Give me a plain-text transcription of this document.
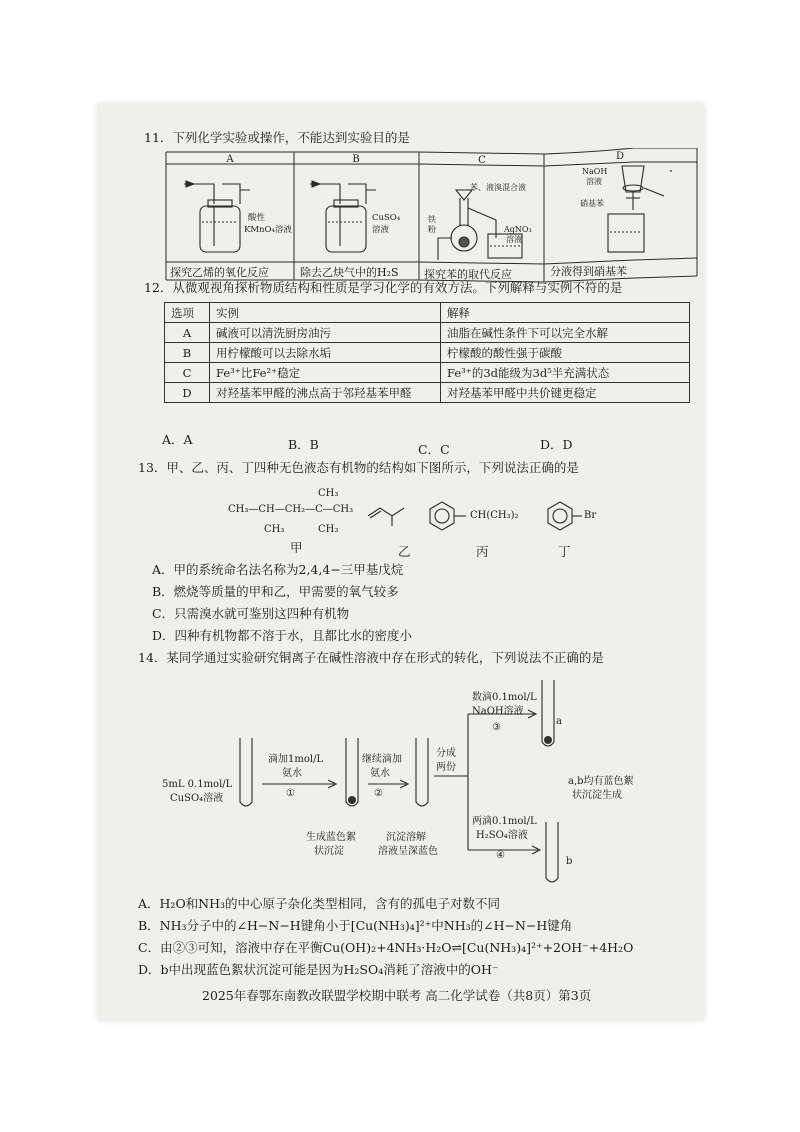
11．下列化学实验或操作，不能达到实验目的是
A	B	C	D
酸性
KMnO₄溶液
CuSO₄
溶液
苯、液溴混合液
铁
粉	AgNO₃
溶液
NaOH
溶液
硝基苯
探究乙烯的氧化反应	除去乙炔气中的H₂S 探究苯的取代反应	分液得到硝基苯
12．从微观视角探析物质结构和性质是学习化学的有效方法。下列解释与实例不符的是
选项	实例	解释
A	碱液可以清洗厨房油污	油脂在碱性条件下可以完全水解
B	用柠檬酸可以去除水垢	柠檬酸的酸性强于碳酸
C	Fe³⁺比Fe²⁺稳定	Fe³⁺的3d能级为3d⁵半充满状态
D	对羟基苯甲醛的沸点高于邻羟基苯甲醛	对羟基苯甲醛中共价键更稳定
A．A	B．B	C．C	D．D
13．甲、乙、丙、丁四种无色液态有机物的结构如下图所示，下列说法正确的是
CH₃
CH₃—CH—CH₂—C—CH₃
CH₃	CH₃
CH(CH₃)₂	Br
甲	乙	丙	丁
A．甲的系统命名法名称为2,4,4−三甲基戊烷
B．燃烧等质量的甲和乙，甲需要的氧气较多
C．只需溴水就可鉴别这四种有机物
D．四种有机物都不溶于水，且都比水的密度小
14．某同学通过实验研究铜离子在碱性溶液中存在形式的转化，下列说法不正确的是
5mL 0.1mol/L
CuSO₄溶液
滴加1mol/L
氨水
①
继续滴加
氨水
②
分成
两份
数滴0.1mol/L
NaOH溶液
③
a
两滴0.1mol/L
H₂SO₄溶液
④
b
生成蓝色絮
状沉淀
沉淀溶解
溶液呈深蓝色
a,b均有蓝色絮
状沉淀生成
A．H₂O和NH₃的中心原子杂化类型相同，含有的孤电子对数不同
B．NH₃分子中的∠H−N−H键角小于[Cu(NH₃)₄]²⁺中NH₃的∠H−N−H键角
C．由②③可知，溶液中存在平衡Cu(OH)₂+4NH₃·H₂O⇌[Cu(NH₃)₄]²⁺+2OH⁻+4H₂O
D．b中出现蓝色絮状沉淀可能是因为H₂SO₄消耗了溶液中的OH⁻
2025年春鄂东南教改联盟学校期中联考 高二化学试卷（共8页）第3页
